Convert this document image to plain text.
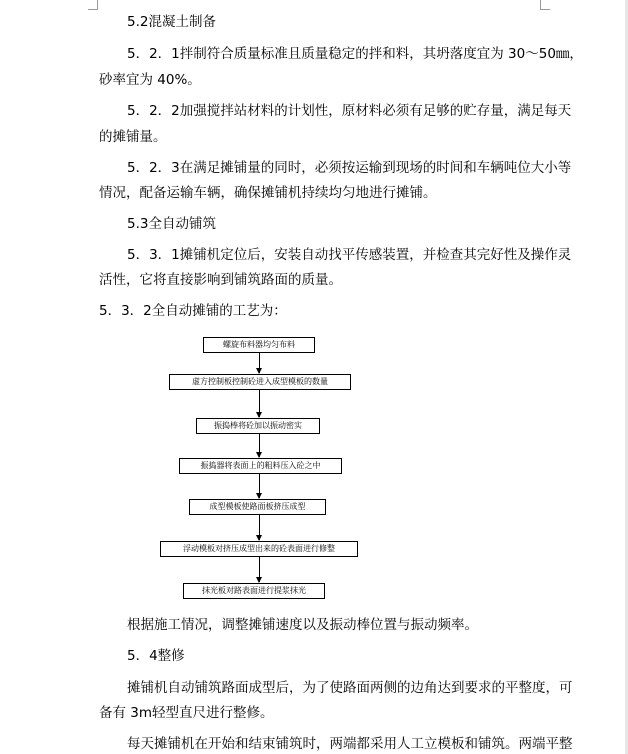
5.2混凝土制备
5．2．1拌制符合质量标准且质量稳定的拌和料，其坍落度宜为 30～50㎜，
砂率宜为 40%。
5．2．2加强搅拌站材料的计划性，原材料必须有足够的贮存量，满足每天
的摊铺量。
5．2．3在满足摊铺量的同时，必须按运输到现场的时间和车辆吨位大小等
情况，配备运输车辆，确保摊铺机持续均匀地进行摊铺。
5.3全自动铺筑
5．3．1摊铺机定位后，安装自动找平传感装置，并检查其完好性及操作灵
活性，它将直接影响到铺筑路面的质量。
5．3．2全自动摊铺的工艺为：
螺旋布料器均匀布料
虚方控制板控制砼进入成型模板的数量
振捣棒将砼加以振动密实
振捣器将表面上的粗料压入砼之中
成型模板使路面板挤压成型
浮动模板对挤压成型出来的砼表面进行修整
抹光板对路表面进行提浆抹光
根据施工情况，调整摊铺速度以及振动棒位置与振动频率。
5．4整修
摊铺机自动铺筑路面成型后，为了使路面两侧的边角达到要求的平整度，可
备有 3m轻型直尺进行整修。
每天摊铺机在开始和结束铺筑时，两端都采用人工立模板和铺筑。两端平整
